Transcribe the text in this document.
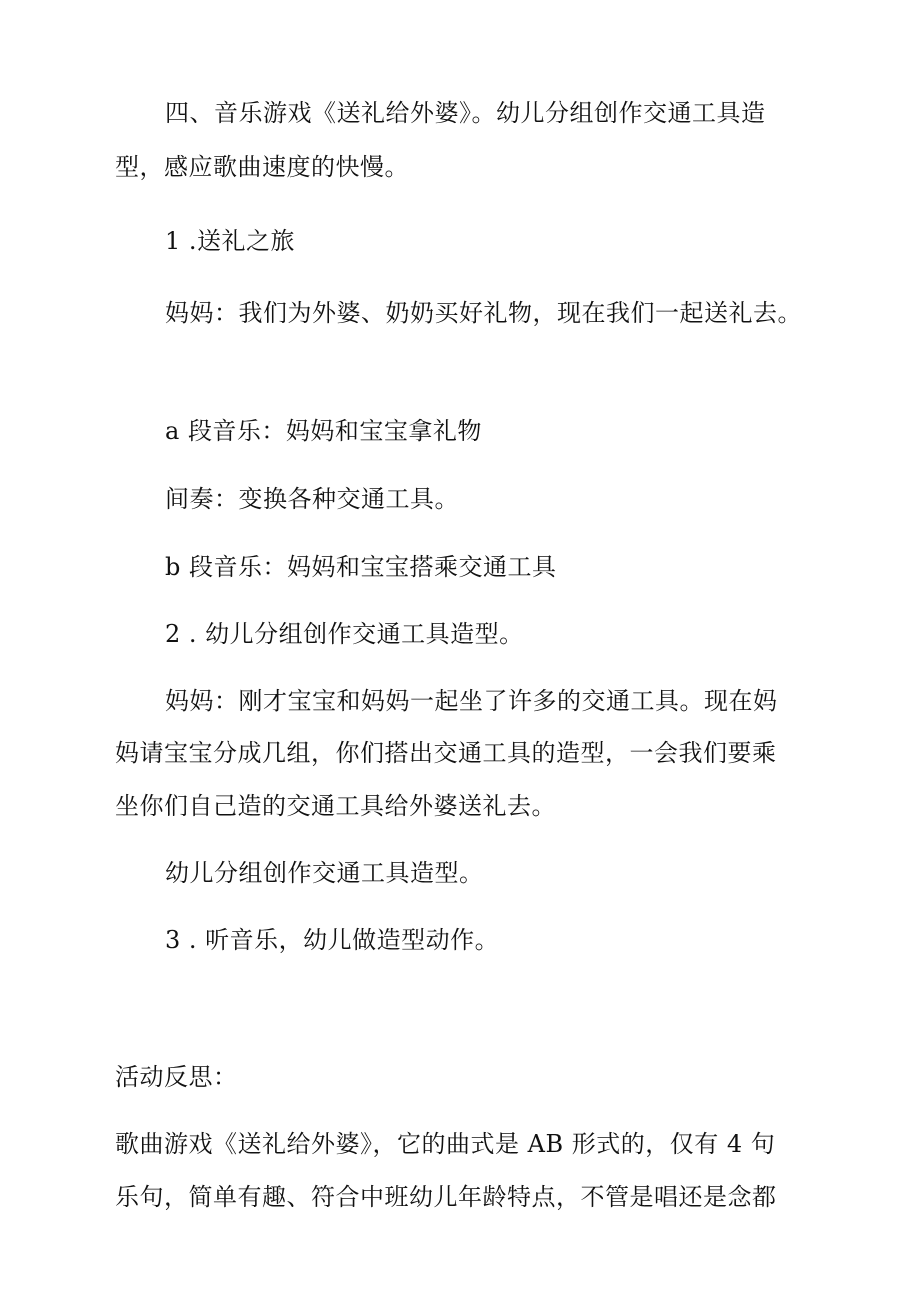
四、音乐游戏《送礼给外婆》。幼儿分组创作交通工具造
型，感应歌曲速度的快慢。
1 .送礼之旅
妈妈：我们为外婆、奶奶买好礼物，现在我们一起送礼去。
a 段音乐：妈妈和宝宝拿礼物
间奏：变换各种交通工具。
b 段音乐：妈妈和宝宝搭乘交通工具
2 . 幼儿分组创作交通工具造型。
妈妈：刚才宝宝和妈妈一起坐了许多的交通工具。现在妈
妈请宝宝分成几组，你们搭出交通工具的造型，一会我们要乘
坐你们自己造的交通工具给外婆送礼去。
幼儿分组创作交通工具造型。
3 . 听音乐，幼儿做造型动作。
活动反思：
歌曲游戏《送礼给外婆》，它的曲式是 AB 形式的，仅有 4 句
乐句，简单有趣、符合中班幼儿年龄特点，不管是唱还是念都
